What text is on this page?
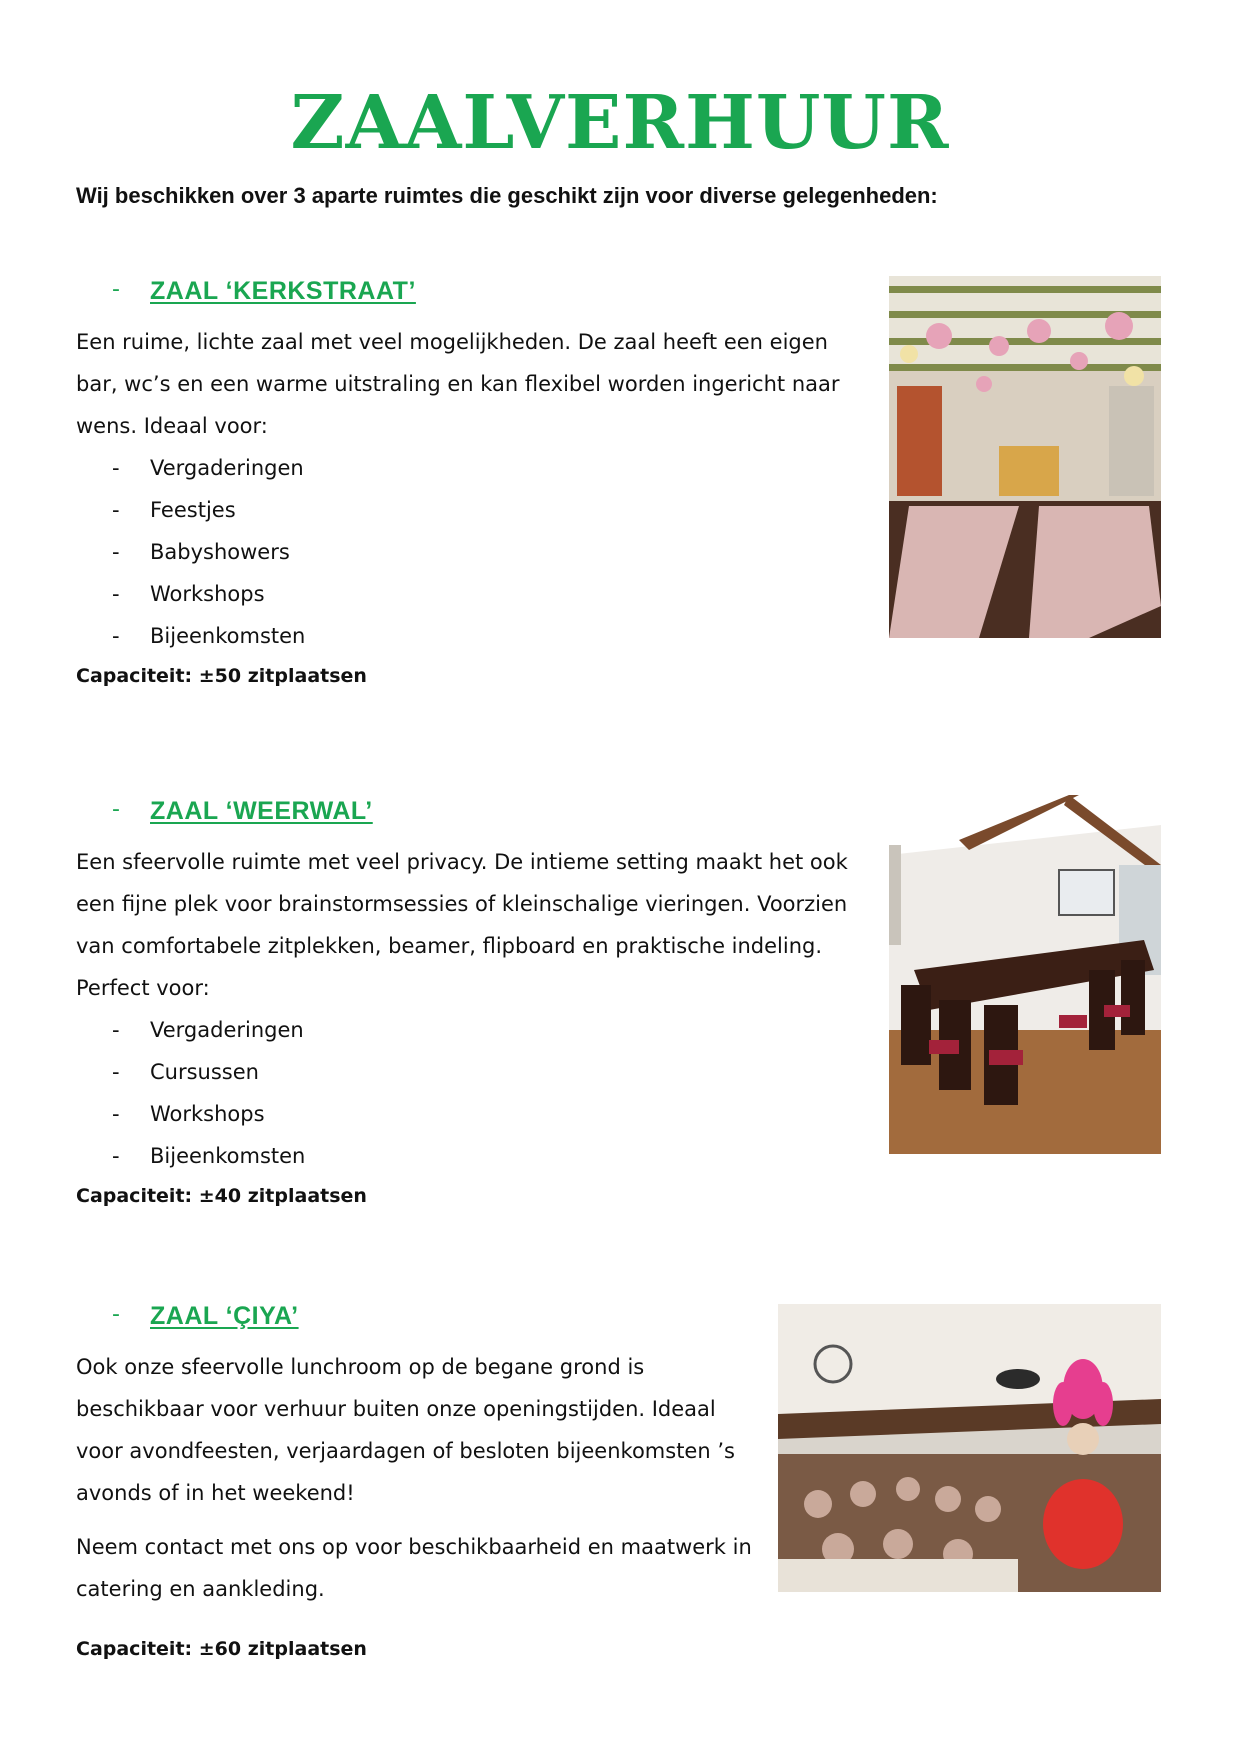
ZAALVERHUUR
Wij beschikken over 3 aparte ruimtes die geschikt zijn voor diverse gelegenheden:
- ZAAL ‘KERKSTRAAT’

Een ruime, lichte zaal met veel mogelijkheden. De zaal heeft een eigen bar, wc’s en een warme uitstraling en kan flexibel worden ingericht naar wens. Ideaal voor:

- Vergaderingen
- Feestjes
- Babyshowers
- Workshops
- Bijeenkomsten

Capaciteit: ±50 zitplaatsen

- ZAAL ‘WEERWAL’

Een sfeervolle ruimte met veel privacy. De intieme setting maakt het ook een fijne plek voor brainstormsessies of kleinschalige vieringen. Voorzien van comfortabele zitplekken, beamer, flipboard en praktische indeling. Perfect voor:

- Vergaderingen
- Cursussen
- Workshops
- Bijeenkomsten

Capaciteit: ±40 zitplaatsen

- ZAAL ‘ÇIYA’

Ook onze sfeervolle lunchroom op de begane grond is beschikbaar voor verhuur buiten onze openingstijden. Ideaal voor avondfeesten, verjaardagen of besloten bijeenkomsten ’s avonds of in het weekend!

Neem contact met ons op voor beschikbaarheid en maatwerk in catering en aankleding.

Capaciteit: ±60 zitplaatsen
